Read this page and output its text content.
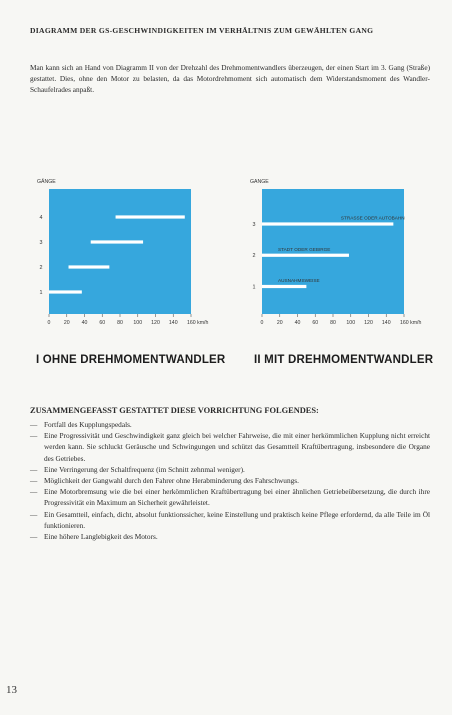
DIAGRAMM DER GS-GESCHWINDIGKEITEN IM VERHÄLTNIS ZUM GEWÄHLTEN GANG
Man kann sich an Hand von Diagramm II von der Drehzahl des Drehmomentwandlers überzeugen, der einen Start im 3. Gang (Straße) gestattet. Dies, ohne den Motor zu belasten, da das Motordrehmoment sich automatisch dem Widerstandsmoment des Wandler-Schaufelrades anpaßt.
GÄNGE
1
2
3
4
0	20 40 60 80 100 120 140 160 km/h
GANGE
1
AUSNAHMSWEISE
2
STADT ODER GEBIRGE
3
STRASSE ODER AUTOBAHN
0	20 40 60 80 100 120 140 160 km/h
I OHNE DREHMOMENTWANDLER II MIT DREHMOMENTWANDLER
ZUSAMMENGEFASST GESTATTET DIESE VORRICHTUNG FOLGENDES:
— Fortfall des Kupplungspedals.
— Eine Progressivität und Geschwindigkeit ganz gleich bei welcher Fahrweise, die mit einer herkömmlichen Kupplung nicht erreicht werden kann. Sie schluckt Geräusche und Schwingungen und schützt das Gesamtteil Kraftübertragung, insbesondere die Organe des Getriebes.
— Eine Verringerung der Schaltfrequenz (im Schnitt zehnmal weniger).
— Möglichkeit der Gangwahl durch den Fahrer ohne Herabminderung des Fahrschwungs.
— Eine Motorbremsung wie die bei einer herkömmlichen Kraftübertragung bei einer ähnlichen Getriebeübersetzung, die durch ihre Progressivität ein Maximum an Sicherheit gewährleistet.
— Ein Gesamtteil, einfach, dicht, absolut funktionssicher, keine Einstellung und praktisch keine Pflege erfordernd, da alle Teile im Öl funktionieren.
— Eine höhere Langlebigkeit des Motors.
13
